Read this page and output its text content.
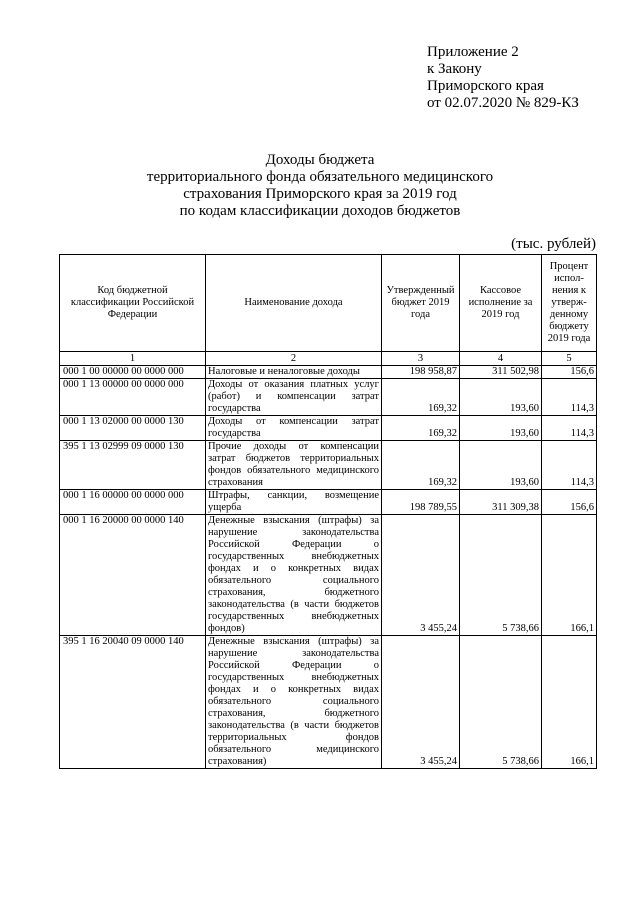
Приложение 2
к Закону
Приморского края
от 02.07.2020 № 829-КЗ
Доходы бюджета
территориального фонда обязательного медицинского
страхования Приморского края за 2019 год
по кодам классификации доходов бюджетов
(тыс. рублей)
Код бюджетной классификации Российской Федерации	Наименование дохода	Утвержденный бюджет 2019 года	Кассовое исполнение за 2019 год	Процент испол-нения к утверж-денному бюджету 2019 года
1	2	3	4	5
000 1 00 00000 00 0000 000	Налоговые и неналоговые доходы	198 958,87	311 502,98	156,6
000 1 13 00000 00 0000 000	Доходы от оказания платных услуг (работ) и компенсации затрат государства	169,32	193,60	114,3
000 1 13 02000 00 0000 130	Доходы от компенсации затрат государства	169,32	193,60	114,3
395 1 13 02999 09 0000 130	Прочие доходы от компенсации затрат бюджетов территориальных фондов обязательного медицинского страхования	169,32	193,60	114,3
000 1 16 00000 00 0000 000	Штрафы, санкции, возмещение ущерба	198 789,55	311 309,38	156,6
000 1 16 20000 00 0000 140	Денежные взыскания (штрафы) за нарушение законодательства Российской Федерации о государственных внебюджетных фондах и о конкретных видах обязательного социального страхования, бюджетного законодательства (в части бюджетов государственных внебюджетных фондов)	3 455,24	5 738,66	166,1
395 1 16 20040 09 0000 140	Денежные взыскания (штрафы) за нарушение законодательства Российской Федерации о государственных внебюджетных фондах и о конкретных видах обязательного социального страхования, бюджетного законодательства (в части бюджетов территориальных фондов обязательного медицинского страхования)	3 455,24	5 738,66	166,1
